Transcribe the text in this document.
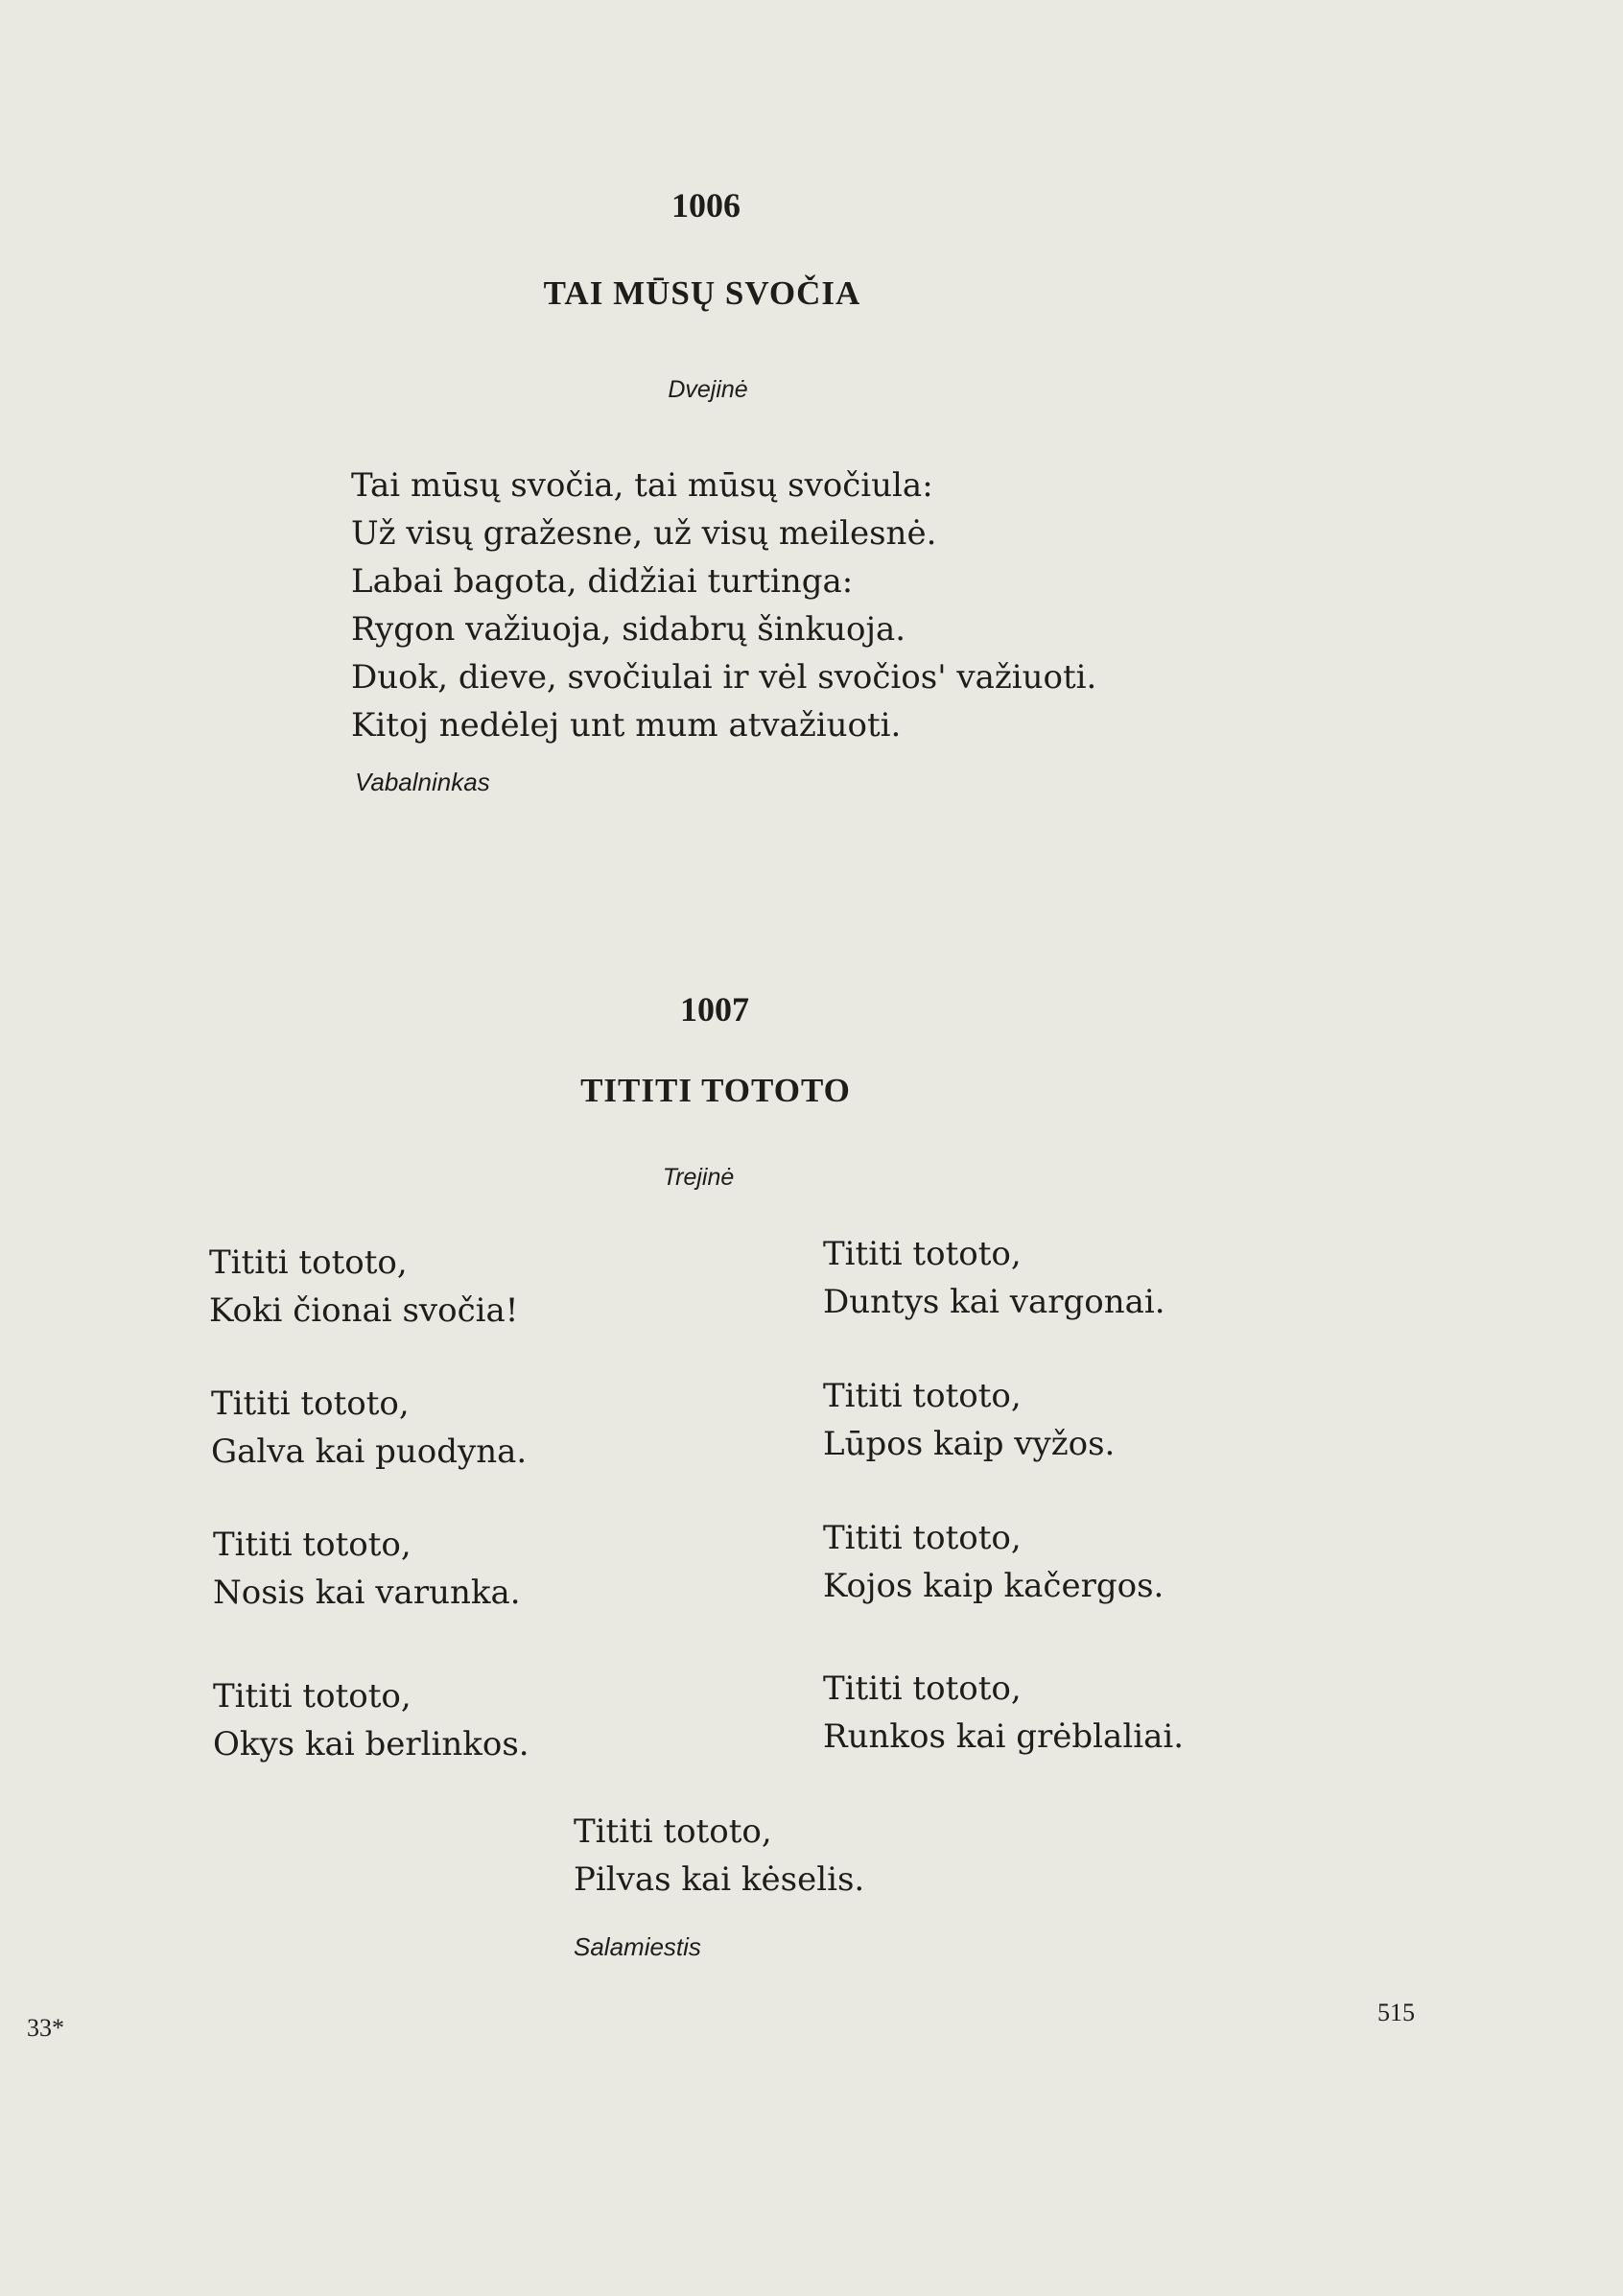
1006
TAI MŪSŲ SVOČIA
Dvejinė
Tai mūsų svočia, tai mūsų svočiula:
Už visų gražesne, už visų meilesnė.
Labai bagota, didžiai turtinga:
Rygon važiuoja, sidabrų šinkuoja.
Duok, dieve, svočiulai ir vėl svočios' važiuoti.
Kitoj nedėlej unt mum atvažiuoti.
Vabalninkas
1007
TITITI TOTOTO
Trejinė
Tititi tototo,
Koki čionai svočia!
Tititi tototo,
Galva kai puodyna.
Tititi tototo,
Nosis kai varunka.
Tititi tototo,
Okys kai berlinkos.
Tititi tototo,
Duntys kai vargonai.
Tititi tototo,
Lūpos kaip vyžos.
Tititi tototo,
Kojos kaip kačergos.
Tititi tototo,
Runkos kai grėblaliai.
Tititi tototo,
Pilvas kai kėselis.
Salamiestis
33*
515
